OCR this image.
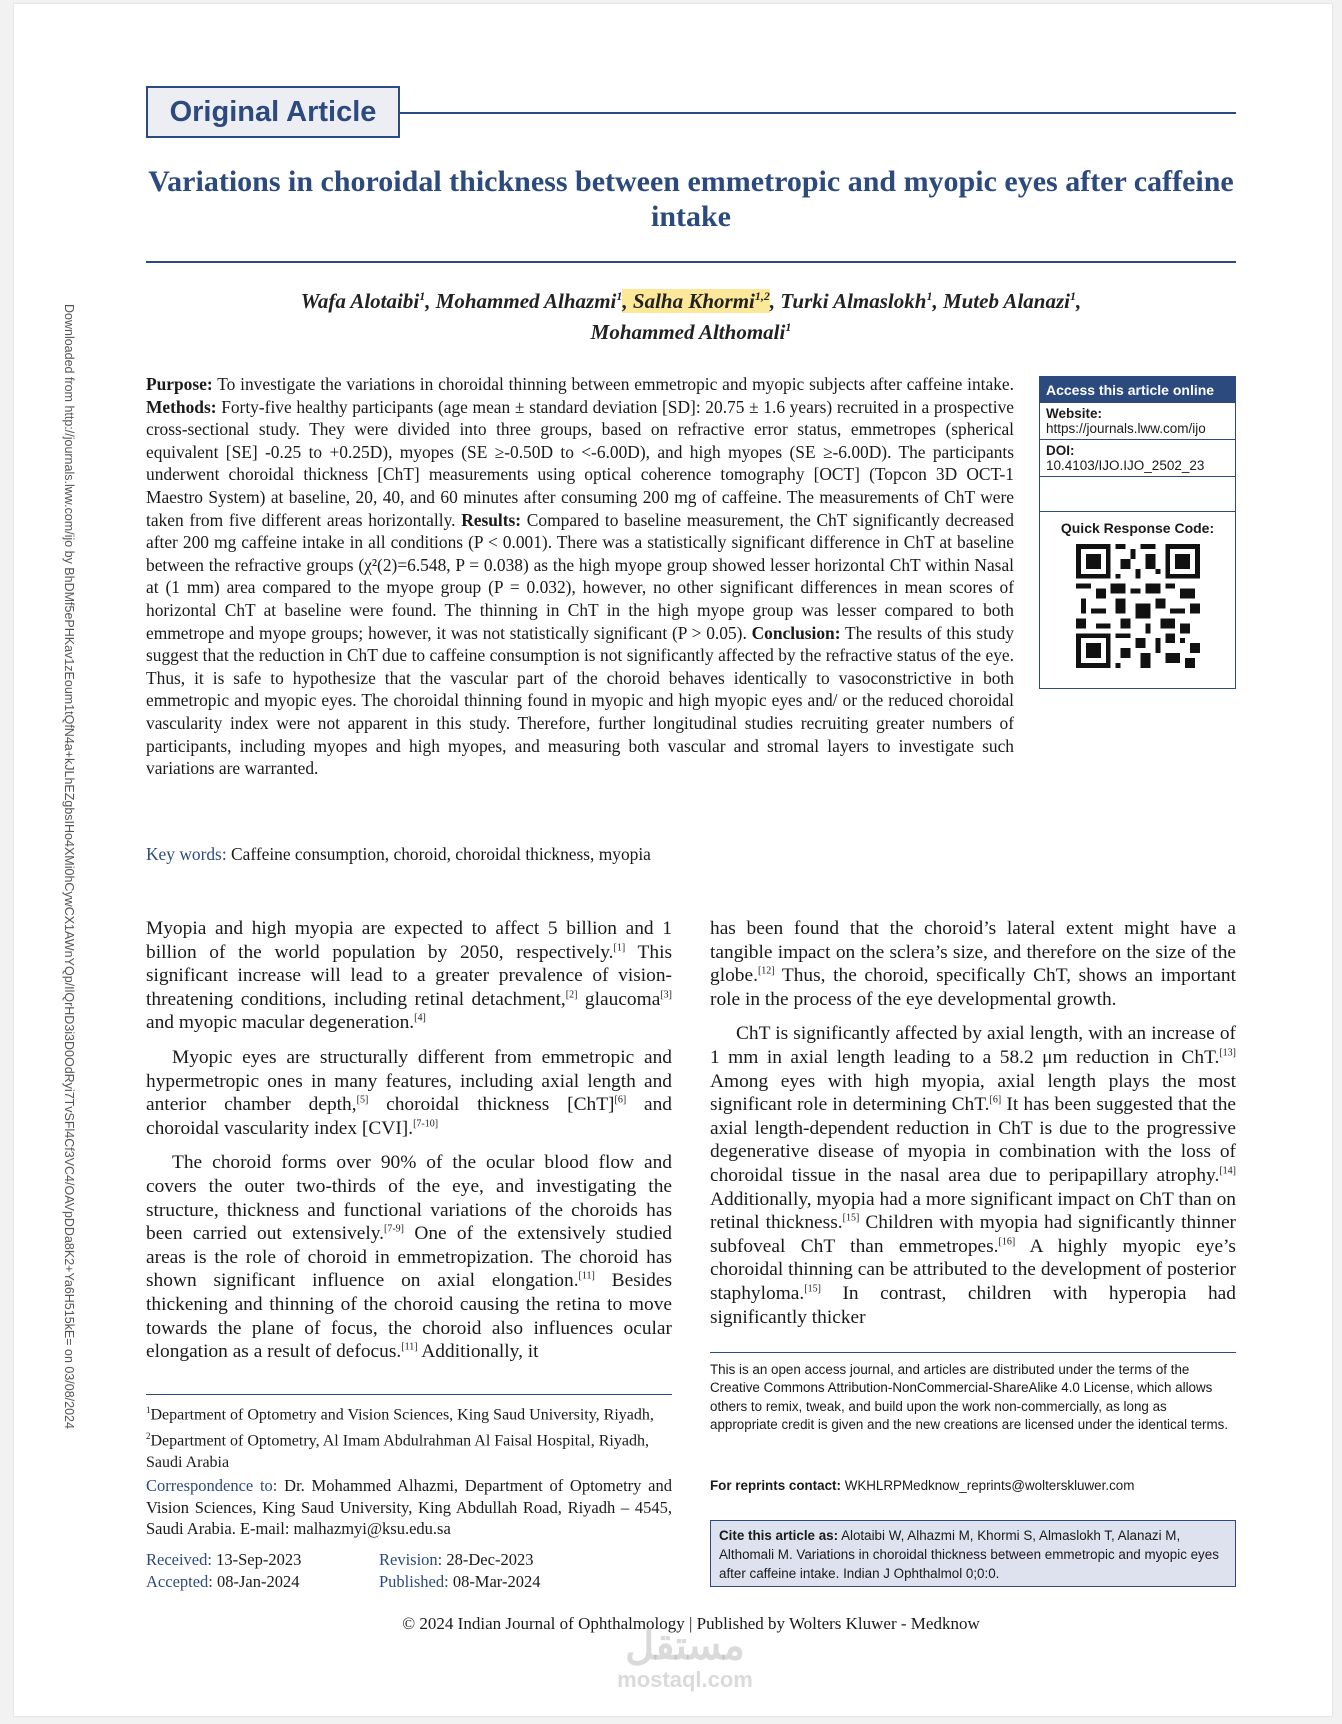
Downloaded from http://journals.lww.com/ijo by BhDMf5ePHKav1zEoum1tQfN4a+kJLhEZgbsIHo4XMi0hCywCX1AWnYQp/IlQrHD3i3D0OdRyi7TvSFl4Cf3VC4/OAVpDDa8K2+Ya6H515kE= on 03/08/2024
Original Article
Variations in choroidal thickness between emmetropic and myopic eyes after caffeine intake
Wafa Alotaibi$^1$, Mohammed Alhazmi$^1$, Salha Khormi$^{1,2}$, Turki Almaslokh$^1$, Muteb Alanazi$^1$,
Mohammed Althomali$^1$
Purpose: To investigate the variations in choroidal thinning between emmetropic and myopic subjects after caffeine intake. Methods: Forty-five healthy participants (age mean ± standard deviation [SD]: 20.75 ± 1.6 years) recruited in a prospective cross-sectional study. They were divided into three groups, based on refractive error status, emmetropes (spherical equivalent [SE] -0.25 to +0.25D), myopes (SE ≥-0.50D to <-6.00D), and high myopes (SE ≥-6.00D). The participants underwent choroidal thickness [ChT] measurements using optical coherence tomography [OCT] (Topcon 3D OCT-1 Maestro System) at baseline, 20, 40, and 60 minutes after consuming 200 mg of caffeine. The measurements of ChT were taken from five different areas horizontally. Results: Compared to baseline measurement, the ChT significantly decreased after 200 mg caffeine intake in all conditions (P < 0.001). There was a statistically significant difference in ChT at baseline between the refractive groups (χ²(2)=6.548, P = 0.038) as the high myope group showed lesser horizontal ChT within Nasal at (1 mm) area compared to the myope group (P = 0.032), however, no other significant differences in mean scores of horizontal ChT at baseline were found. The thinning in ChT in the high myope group was lesser compared to both emmetrope and myope groups; however, it was not statistically significant (P > 0.05). Conclusion: The results of this study suggest that the reduction in ChT due to caffeine consumption is not significantly affected by the refractive status of the eye. Thus, it is safe to hypothesize that the vascular part of the choroid behaves identically to vasoconstrictive in both emmetropic and myopic eyes. The choroidal thinning found in myopic and high myopic eyes and/ or the reduced choroidal vascularity index were not apparent in this study. Therefore, further longitudinal studies recruiting greater numbers of participants, including myopes and high myopes, and measuring both vascular and stromal layers to investigate such variations are warranted.
Key words: Caffeine consumption, choroid, choroidal thickness, myopia
Access this article online
Website:
https://journals.lww.com/ijo
DOI:
10.4103/IJO.IJO_2502_23
Quick Response Code:

Myopia and high myopia are expected to affect 5 billion and 1 billion of the world population by 2050, respectively.[1] This significant increase will lead to a greater prevalence of vision-threatening conditions, including retinal detachment,[2] glaucoma[3] and myopic macular degeneration.[4]

Myopic eyes are structurally different from emmetropic and hypermetropic ones in many features, including axial length and anterior chamber depth,[5] choroidal thickness [ChT][6] and choroidal vascularity index [CVI].[7-10]

The choroid forms over 90% of the ocular blood flow and covers the outer two-thirds of the eye, and investigating the structure, thickness and functional variations of the choroids has been carried out extensively.[7-9] One of the extensively studied areas is the role of choroid in emmetropization. The choroid has shown significant influence on axial elongation.[11] Besides thickening and thinning of the choroid causing the retina to move towards the plane of focus, the choroid also influences ocular elongation as a result of defocus.[11] Additionally, it

has been found that the choroid’s lateral extent might have a tangible impact on the sclera’s size, and therefore on the size of the globe.[12] Thus, the choroid, specifically ChT, shows an important role in the process of the eye developmental growth.

ChT is significantly affected by axial length, with an increase of 1 mm in axial length leading to a 58.2 μm reduction in ChT.[13] Among eyes with high myopia, axial length plays the most significant role in determining ChT.[6] It has been suggested that the axial length-dependent reduction in ChT is due to the progressive degenerative disease of myopia in combination with the loss of choroidal tissue in the nasal area due to peripapillary atrophy.[14] Additionally, myopia had a more significant impact on ChT than on retinal thickness.[15] Children with myopia had significantly thinner subfoveal ChT than emmetropes.[16] A highly myopic eye’s choroidal thinning can be attributed to the development of posterior staphyloma.[15] In contrast, children with hyperopia had significantly thicker

$^1$Department of Optometry and Vision Sciences, King Saud University, Riyadh, $^2$Department of Optometry, Al Imam Abdulrahman Al Faisal Hospital, Riyadh, Saudi Arabia
Correspondence to: Dr. Mohammed Alhazmi, Department of Optometry and Vision Sciences, King Saud University, King Abdullah Road, Riyadh – 4545, Saudi Arabia. E-mail: malhazmyi@ksu.edu.sa
Received: 13-Sep-2023
Accepted: 08-Jan-2024
Revision: 28-Dec-2023
Published: 08-Mar-2024
This is an open access journal, and articles are distributed under the terms of the Creative Commons Attribution-NonCommercial-ShareAlike 4.0 License, which allows others to remix, tweak, and build upon the work non-commercially, as long as appropriate credit is given and the new creations are licensed under the identical terms.
For reprints contact: WKHLRPMedknow_reprints@wolterskluwer.com
Cite this article as: Alotaibi W, Alhazmi M, Khormi S, Almaslokh T, Alanazi M, Althomali M. Variations in choroidal thickness between emmetropic and myopic eyes after caffeine intake. Indian J Ophthalmol 0;0:0.
© 2024 Indian Journal of Ophthalmology | Published by Wolters Kluwer - Medknow
مستقل
mostaql.com
